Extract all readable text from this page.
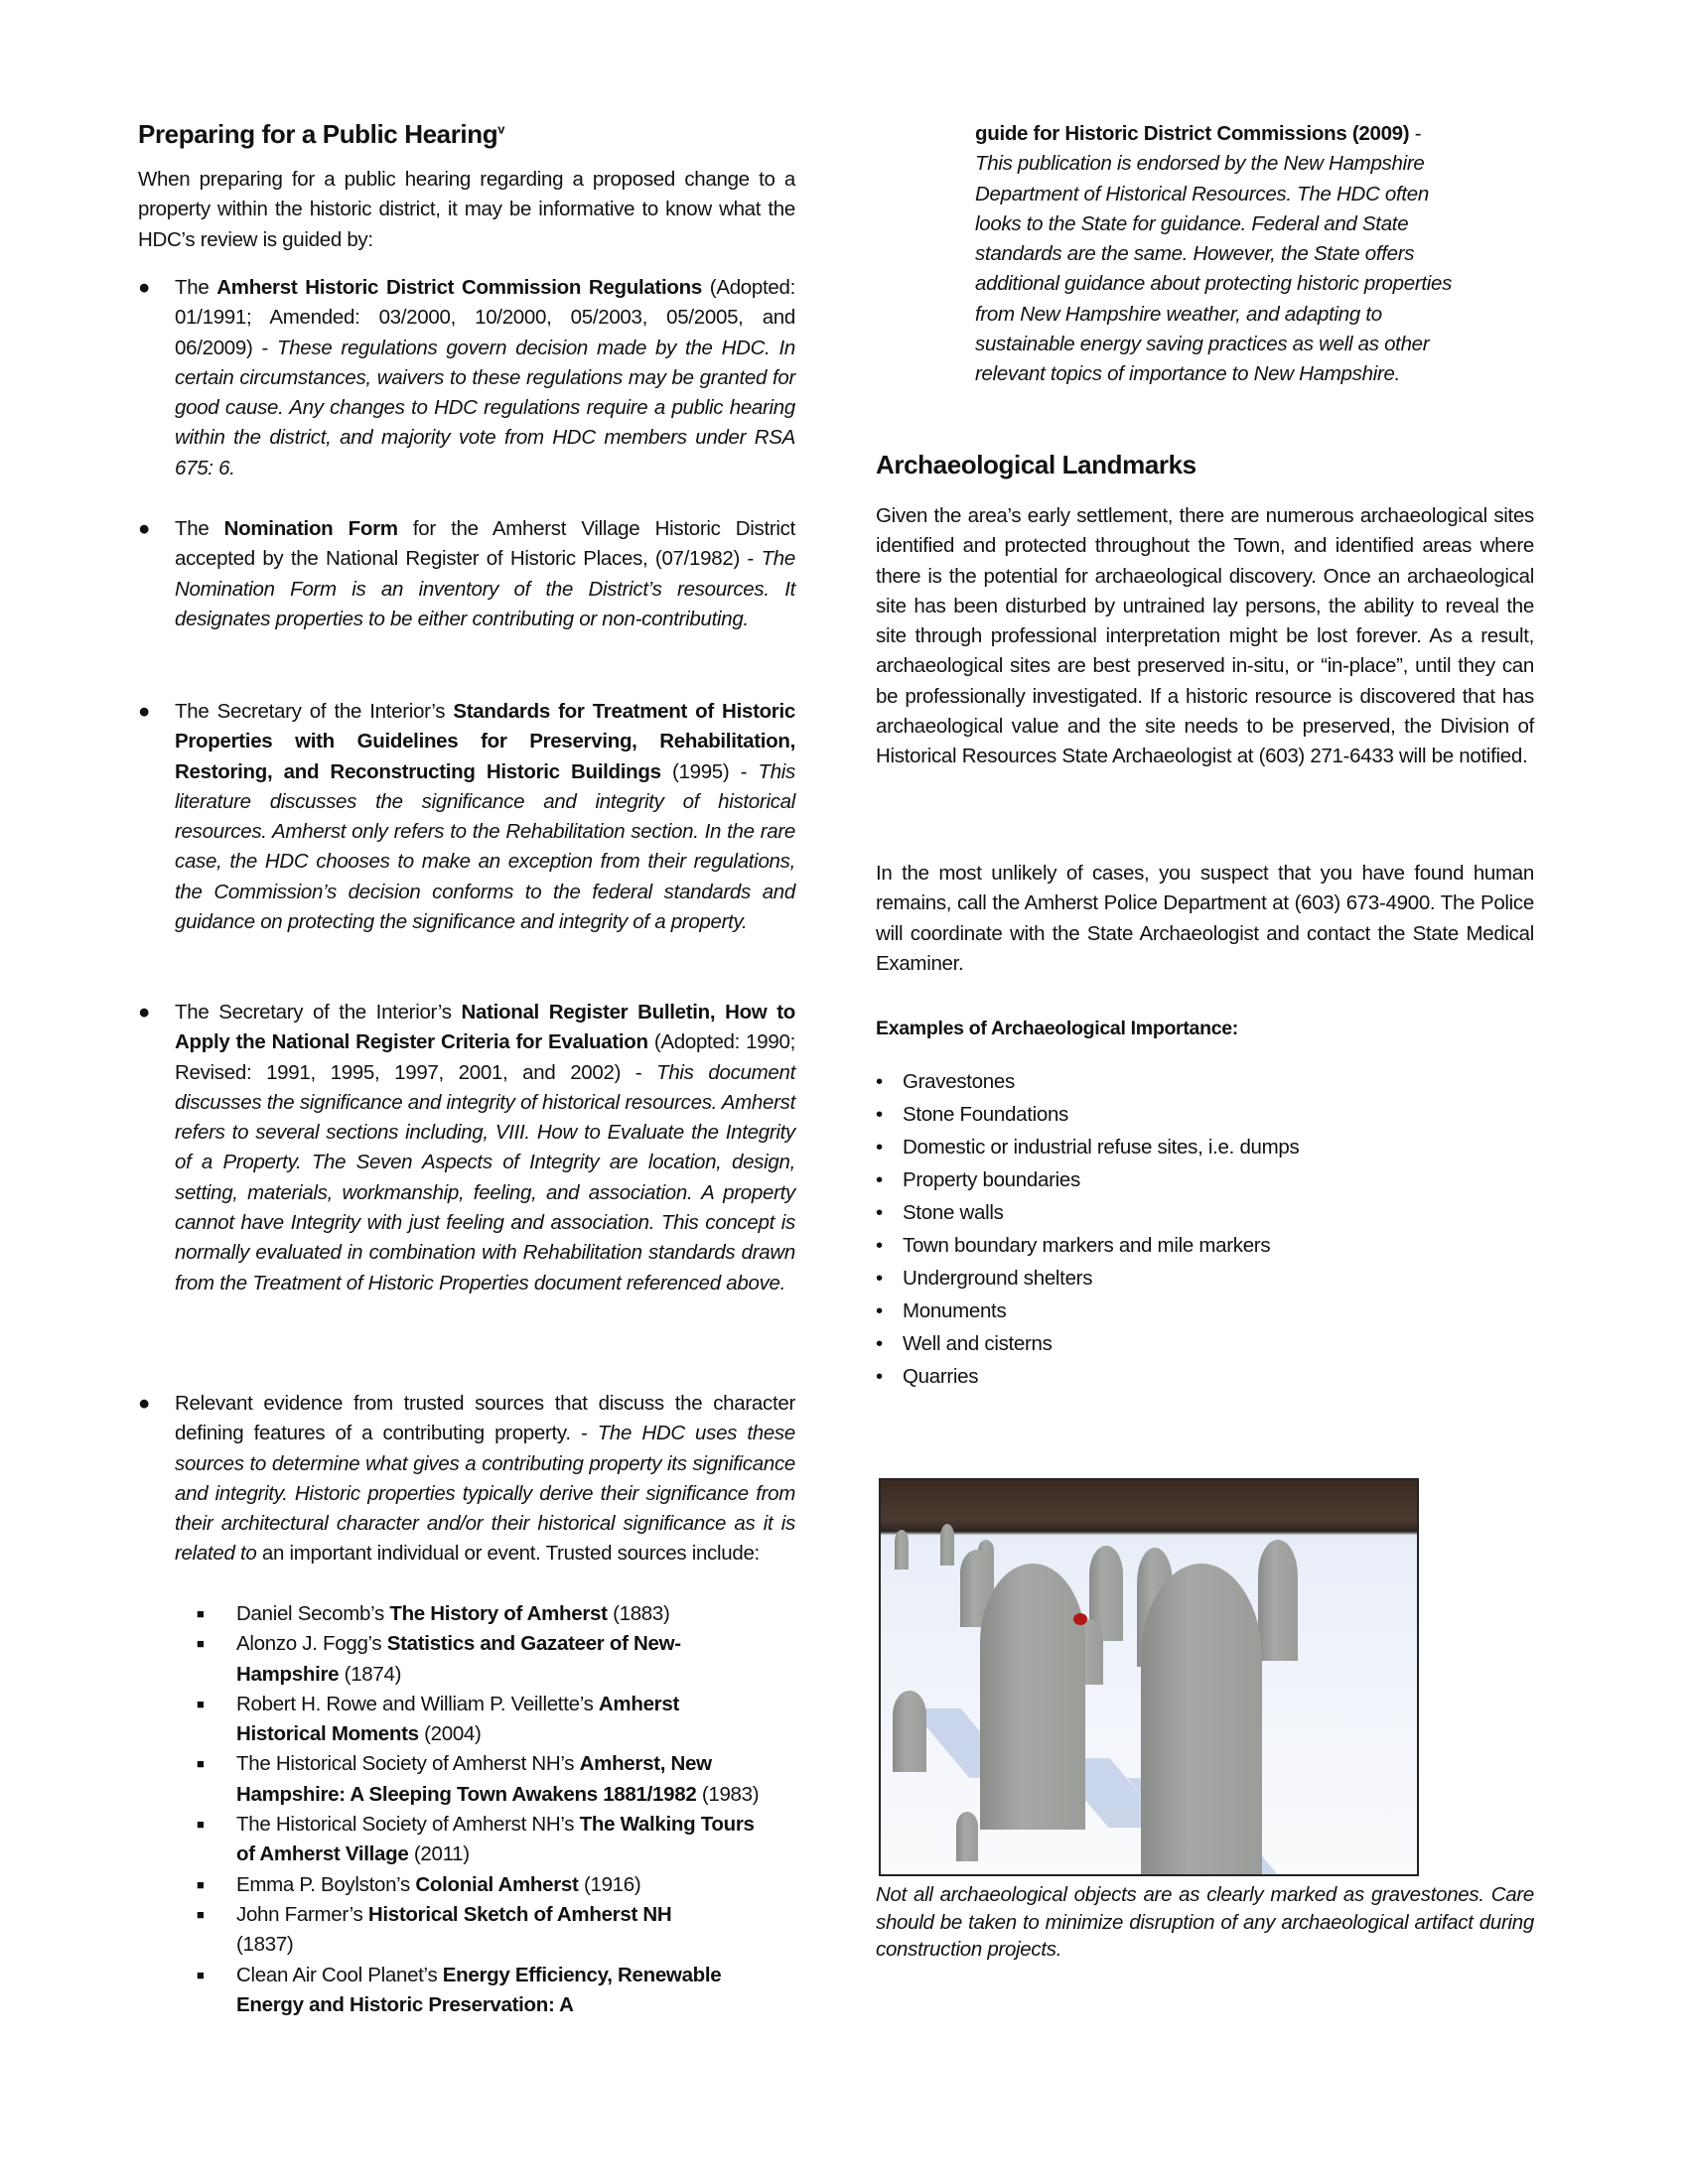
Preparing for a Public Hearing$^v$
When preparing for a public hearing regarding a proposed change to a property within the historic district, it may be informative to know what the HDC’s review is guided by:
● The Amherst Historic District Commission Regulations (Adopted: 01/1991; Amended: 03/2000, 10/2000, 05/2003, 05/2005, and 06/2009) - These regulations govern decision made by the HDC. In certain circumstances, waivers to these regulations may be granted for good cause. Any changes to HDC regulations require a public hearing within the district, and majority vote from HDC members under RSA 675: 6.
● The Nomination Form for the Amherst Village Historic District accepted by the National Register of Historic Places, (07/1982) - The Nomination Form is an inventory of the District’s resources. It designates properties to be either contributing or non-contributing.
● The Secretary of the Interior’s Standards for Treatment of Historic Properties with Guidelines for Preserving, Rehabilitation, Restoring, and Reconstructing Historic Buildings (1995) - This literature discusses the significance and integrity of historical resources. Amherst only refers to the Rehabilitation section. In the rare case, the HDC chooses to make an exception from their regulations, the Commission’s decision conforms to the federal standards and guidance on protecting the significance and integrity of a property.
● The Secretary of the Interior’s National Register Bulletin, How to Apply the National Register Criteria for Evaluation (Adopted: 1990; Revised: 1991, 1995, 1997, 2001, and 2002) - This document discusses the significance and integrity of historical resources. Amherst refers to several sections including, VIII. How to Evaluate the Integrity of a Property. The Seven Aspects of Integrity are location, design, setting, materials, workmanship, feeling, and association. A property cannot have Integrity with just feeling and association. This concept is normally evaluated in combination with Rehabilitation standards drawn from the Treatment of Historic Properties document referenced above.
● Relevant evidence from trusted sources that discuss the character defining features of a contributing property. - The HDC uses these sources to determine what gives a contributing property its significance and integrity. Historic properties typically derive their significance from their architectural character and/or their historical significance as it is related to an important individual or event. Trusted sources include:
■ Daniel Secomb’s The History of Amherst (1883)
■ Alonzo J. Fogg’s Statistics and Gazateer of New-Hampshire (1874)
■ Robert H. Rowe and William P. Veillette’s Amherst Historical Moments (2004)
■ The Historical Society of Amherst NH’s Amherst, New Hampshire: A Sleeping Town Awakens 1881/1982 (1983)
■ The Historical Society of Amherst NH’s The Walking Tours of Amherst Village (2011)
■ Emma P. Boylston’s Colonial Amherst (1916)
■ John Farmer’s Historical Sketch of Amherst NH (1837)
■ Clean Air Cool Planet’s Energy Efficiency, Renewable Energy and Historic Preservation: A
guide for Historic District Commissions (2009) -
This publication is endorsed by the New Hampshire Department of Historical Resources. The HDC often looks to the State for guidance. Federal and State standards are the same. However, the State offers additional guidance about protecting historic properties from New Hampshire weather, and adapting to sustainable energy saving practices as well as other relevant topics of importance to New Hampshire.
Archaeological Landmarks
Given the area’s early settlement, there are numerous archaeological sites identified and protected throughout the Town, and identified areas where there is the potential for archaeological discovery. Once an archaeological site has been disturbed by untrained lay persons, the ability to reveal the site through professional interpretation might be lost forever. As a result, archaeological sites are best preserved in-situ, or “in-place”, until they can be professionally investigated. If a historic resource is discovered that has archaeological value and the site needs to be preserved, the Division of Historical Resources State Archaeologist at (603) 271-6433 will be notified.
In the most unlikely of cases, you suspect that you have found human remains, call the Amherst Police Department at (603) 673-4900. The Police will coordinate with the State Archaeologist and contact the State Medical Examiner.
Examples of Archaeological Importance:
• Gravestones
• Stone Foundations
• Domestic or industrial refuse sites, i.e. dumps
• Property boundaries
• Stone walls
• Town boundary markers and mile markers
• Underground shelters
• Monuments
• Well and cisterns
• Quarries
Not all archaeological objects are as clearly marked as gravestones. Care should be taken to minimize disruption of any archaeological artifact during construction projects.
